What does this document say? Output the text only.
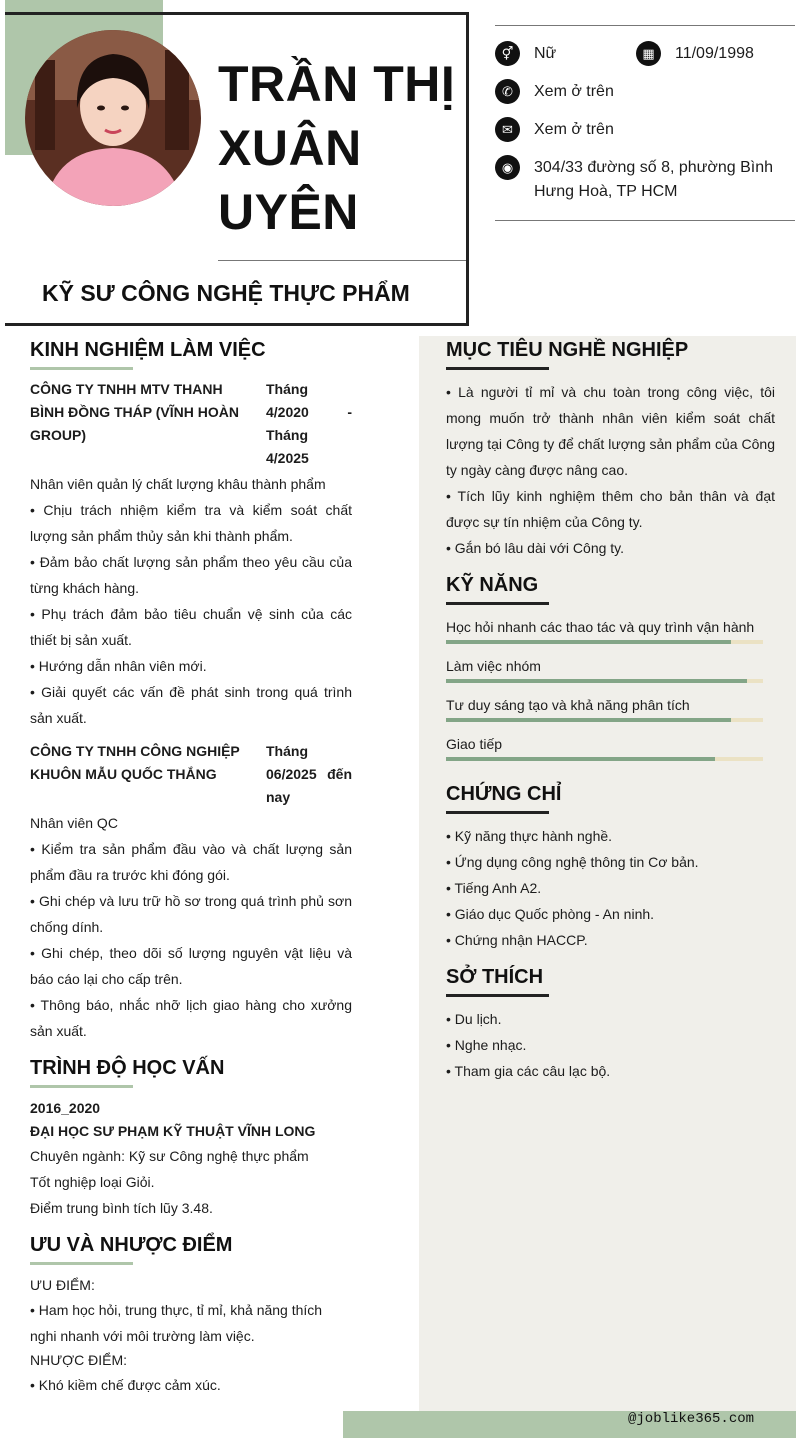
TRẦN THỊ XUÂN UYÊN
KỸ SƯ CÔNG NGHỆ THỰC PHẨM
⚥	Nữ	▦	11/09/1998
✆	Xem ở trên
✉	Xem ở trên
◉	304/33 đường số 8, phường Bình Hưng Hoà, TP HCM
@joblike365.com
KINH NGHIỆM LÀM VIỆC
CÔNG TY TNHH MTV THANH BÌNH ĐỒNG THÁP (VĨNH HOÀN GROUP)
Tháng 4/2020 - Tháng 4/2025
Nhân viên quản lý chất lượng khâu thành phẩm
• Chịu trách nhiệm kiểm tra và kiểm soát chất lượng sản phẩm thủy sản khi thành phẩm.
• Đảm bảo chất lượng sản phẩm theo yêu cầu của từng khách hàng.
• Phụ trách đảm bảo tiêu chuẩn vệ sinh của các thiết bị sản xuất.
• Hướng dẫn nhân viên mới.
• Giải quyết các vấn đề phát sinh trong quá trình sản xuất.
CÔNG TY TNHH CÔNG NGHIỆP KHUÔN MẪU QUỐC THẮNG
Tháng 06/2025 đến nay
Nhân viên QC
• Kiểm tra sản phẩm đầu vào và chất lượng sản phẩm đầu ra trước khi đóng gói.
• Ghi chép và lưu trữ hồ sơ trong quá trình phủ sơn chống dính.
• Ghi chép, theo dõi số lượng nguyên vật liệu và báo cáo lại cho cấp trên.
• Thông báo, nhắc nhỡ lịch giao hàng cho xưởng sản xuất.
TRÌNH ĐỘ HỌC VẤN
2016_2020
ĐẠI HỌC SƯ PHẠM KỸ THUẬT VĨNH LONG
Chuyên ngành: Kỹ sư Công nghệ thực phẩm
Tốt nghiệp loại Giỏi.
Điểm trung bình tích lũy 3.48.
ƯU VÀ NHƯỢC ĐIỂM
ƯU ĐIỂM:
• Ham học hỏi, trung thực, tỉ mỉ, khả năng thích nghi nhanh với môi trường làm việc.
NHƯỢC ĐIỂM:
• Khó kiềm chế được cảm xúc.
MỤC TIÊU NGHỀ NGHIỆP
• Là người tỉ mỉ và chu toàn trong công việc, tôi mong muốn trở thành nhân viên kiểm soát chất lượng tại Công ty để chất lượng sản phẩm của Công ty ngày càng được nâng cao.
• Tích lũy kinh nghiệm thêm cho bản thân và đạt được sự tín nhiệm của Công ty.
• Gắn bó lâu dài với Công ty.
KỸ NĂNG
Học hỏi nhanh các thao tác và quy trình vận hành
Làm việc nhóm
Tư duy sáng tạo và khả năng phân tích
Giao tiếp
CHỨNG CHỈ
• Kỹ năng thực hành nghề.
• Ứng dụng công nghệ thông tin Cơ bản.
• Tiếng Anh A2.
• Giáo dục Quốc phòng - An ninh.
• Chứng nhận HACCP.
SỞ THÍCH
• Du lịch.
• Nghe nhạc.
• Tham gia các câu lạc bộ.
